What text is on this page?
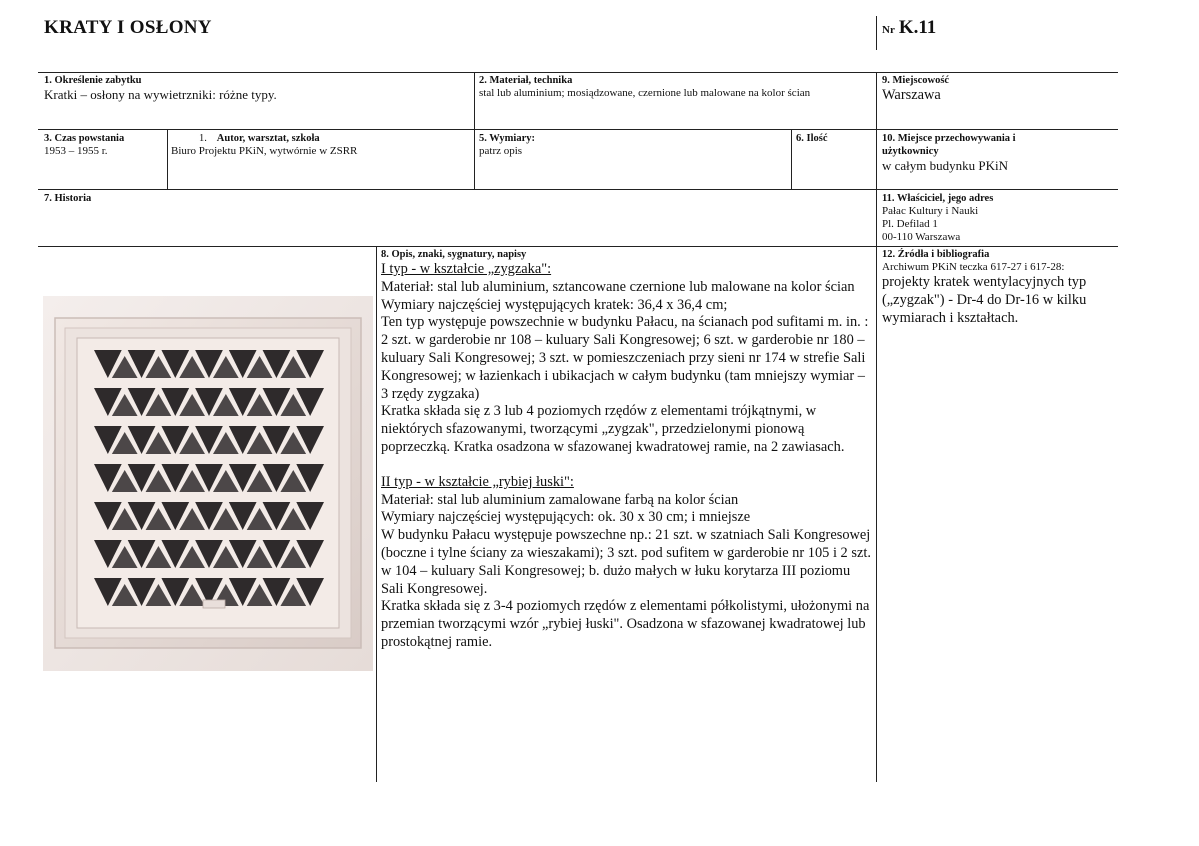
KRATY I OSŁONY	Nr K.11
1. Określenie zabytku
Kratki – osłony na wywietrzniki: różne typy.
2. Materiał, technika
stal lub aluminium; mosiądzowane, czernione lub malowane na kolor ścian
9. Miejscowość
Warszawa
3. Czas powstania
1953 – 1955 r.
1. Autor, warsztat, szkoła
Biuro Projektu PKiN, wytwórnie w ZSRR
5. Wymiary:
patrz opis
6. Ilość	10. Miejsce przechowywania i
użytkownicy
w całym budynku PKiN
7. Historia	11. Właściciel, jego adres
Pałac Kultury i Nauki
Pl. Defilad 1
00-110 Warszawa
8. Opis, znaki, sygnatury, napisy
I typ - w kształcie „zygzaka":

Materiał: stal lub aluminium, sztancowane czernione lub malowane na kolor ścian

Wymiary najczęściej występujących kratek: 36,4 x 36,4 cm;

Ten typ występuje powszechnie w budynku Pałacu, na ścianach pod sufitami m. in. : 2 szt. w garderobie nr 108 – kuluary Sali Kongresowej; 6 szt. w garderobie nr 180 – kuluary Sali Kongresowej; 3 szt. w pomieszczeniach przy sieni nr 174 w strefie Sali Kongresowej; w łazienkach i ubikacjach w całym budynku (tam mniejszy wymiar – 3 rzędy zygzaka)

Kratka składa się z 3 lub 4 poziomych rzędów z elementami trójkątnymi, w niektórych sfazowanymi, tworzącymi „zygzak", przedzielonymi pionową poprzeczką. Kratka osadzona w sfazowanej kwadratowej ramie, na 2 zawiasach.

II typ - w kształcie „rybiej łuski":

Materiał: stal lub aluminium zamalowane farbą na kolor ścian

Wymiary najczęściej występujących: ok. 30 x 30 cm; i mniejsze

W budynku Pałacu występuje powszechne np.: 21 szt. w szatniach Sali Kongresowej (boczne i tylne ściany za wieszakami); 3 szt. pod sufitem w garderobie nr 105 i 2 szt. w 104 – kuluary Sali Kongresowej; b. dużo małych w łuku korytarza III poziomu Sali Kongresowej.

Kratka składa się z 3-4 poziomych rzędów z elementami półkolistymi, ułożonymi na przemian tworzącymi wzór „rybiej łuski". Osadzona w sfazowanej kwadratowej lub prostokątnej ramie.

12. Źródła i bibliografia
Archiwum PKiN teczka 617-27 i 617-28:
projekty kratek wentylacyjnych typ („zygzak") - Dr-4 do Dr-16 w kilku wymiarach i kształtach.
